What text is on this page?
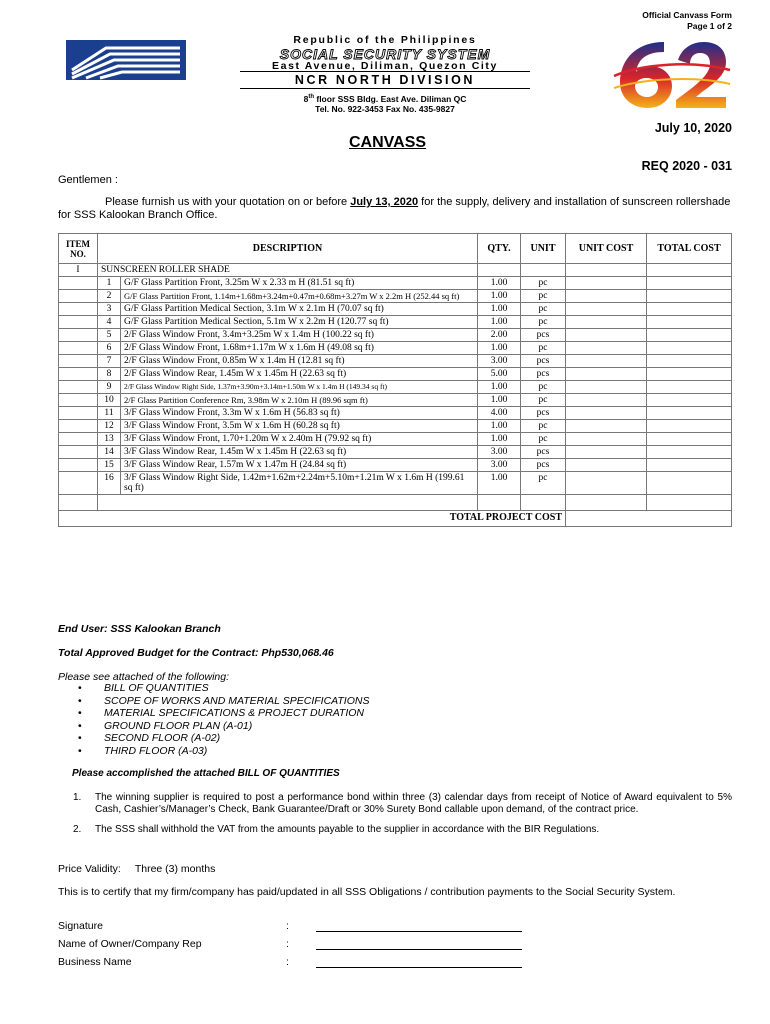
Official Canvass Form
Page 1 of 2
Republic of the Philippines
SOCIAL SECURITY SYSTEM
East Avenue, Diliman, Quezon City
NCR NORTH DIVISION
8th floor SSS Bldg. East Ave. Diliman QC
Tel. No. 922-3453 Fax No. 435-9827
July 10, 2020
CANVASS
REQ 2020 - 031
Gentlemen :
Please furnish us with your quotation on or before July 13, 2020 for the supply, delivery and installation of sunscreen rollershade for SSS Kalookan Branch Office.
ITEM NO.	DESCRIPTION		QTY.	UNIT	UNIT COST	TOTAL COST
I	SUNSCREEN ROLLER SHADE					
	1	G/F Glass Partition Front, 3.25m W x 2.33 m H (81.51 sq ft)	1.00	pc		
	2	G/F Glass Partition Front, 1.14m+1.68m+3.24m+0.47m+0.68m+3.27m W x 2.2m H (252.44 sq ft)	1.00	pc		
	3	G/F Glass Partition Medical Section, 3.1m W x 2.1m H (70.07 sq ft)	1.00	pc		
	4	G/F Glass Partition Medical Section, 5.1m W x 2.2m H (120.77 sq ft)	1.00	pc		
	5	2/F Glass Window Front, 3.4m+3.25m W x 1.4m H (100.22 sq ft)	2.00	pcs		
	6	2/F Glass Window Front, 1.68m+1.17m W x 1.6m H (49.08 sq ft)	1.00	pc		
	7	2/F Glass Window Front, 0.85m W x 1.4m H (12.81 sq ft)	3.00	pcs		
	8	2/F Glass Window Rear, 1.45m W x 1.45m H (22.63 sq ft)	5.00	pcs		
	9	2/F Glass Window Right Side, 1.37m+3.90m+3.14m+1.50m W x 1.4m H (149.34 sq ft)	1.00	pc		
	10	2/F Glass Partition Conference Rm, 3.98m W x 2.10m H (89.96 sqm ft)	1.00	pc		
	11	3/F Glass Window Front, 3.3m W x 1.6m H (56.83 sq ft)	4.00	pcs		
	12	3/F Glass Window Front, 3.5m W x 1.6m H (60.28 sq ft)	1.00	pc		
	13	3/F Glass Window Front, 1.70+1.20m W x 2.40m H (79.92 sq ft)	1.00	pc		
	14	3/F Glass Window Rear, 1.45m W x 1.45m H (22.63 sq ft)	3.00	pcs		
	15	3/F Glass Window Rear, 1.57m W x 1.47m H (24.84 sq ft)	3.00	pcs		
	16	3/F Glass Window Right Side, 1.42m+1.62m+2.24m+5.10m+1.21m W x 1.6m H (199.61 sq ft)	1.00	pc		

TOTAL PROJECT COST						
End User: SSS Kalookan Branch
Total Approved Budget for the Contract: Php530,068.46
Please see attached of the following:
• BILL OF QUANTITIES
• SCOPE OF WORKS AND MATERIAL SPECIFICATIONS
• MATERIAL SPECIFICATIONS & PROJECT DURATION
• GROUND FLOOR PLAN (A-01)
• SECOND FLOOR (A-02)
• THIRD FLOOR (A-03)
Please accomplished the attached BILL OF QUANTITIES
1. The winning supplier is required to post a performance bond within three (3) calendar days from receipt of Notice of Award equivalent to 5% Cash, Cashier’s/Manager’s Check, Bank Guarantee/Draft or 30% Surety Bond callable upon demand, of the contract price.
2. The SSS shall withhold the VAT from the amounts payable to the supplier in accordance with the BIR Regulations.
Price Validity: Three (3) months
This is to certify that my firm/company has paid/updated in all SSS Obligations / contribution payments to the Social Security System.
Signature	:
Name of Owner/Company Rep	:
Business Name	:
